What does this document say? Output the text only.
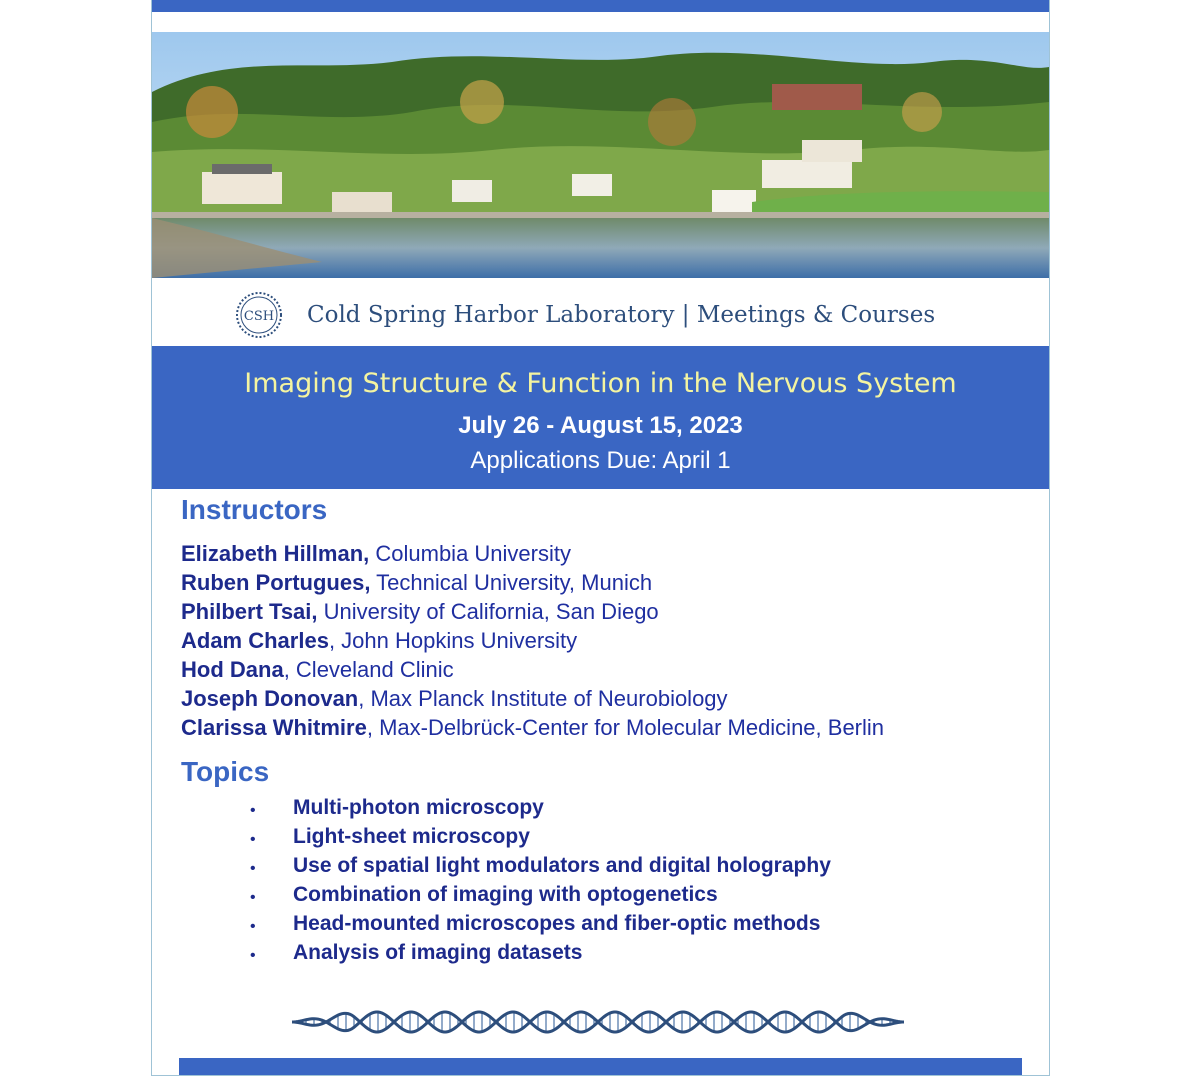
CSH Cold Spring Harbor Laboratory | Meetings & Courses
Imaging Structure & Function in the Nervous System
July 26 - August 15, 2023
Applications Due: April 1
Instructors
Elizabeth Hillman, Columbia University
Ruben Portugues, Technical University, Munich
Philbert Tsai, University of California, San Diego
Adam Charles, John Hopkins University
Hod Dana, Cleveland Clinic
Joseph Donovan, Max Planck Institute of Neurobiology
Clarissa Whitmire, Max-Delbrück-Center for Molecular Medicine, Berlin
Topics
• Multi-photon microscopy
• Light-sheet microscopy
• Use of spatial light modulators and digital holography
• Combination of imaging with optogenetics
• Head-mounted microscopes and fiber-optic methods
• Analysis of imaging datasets
